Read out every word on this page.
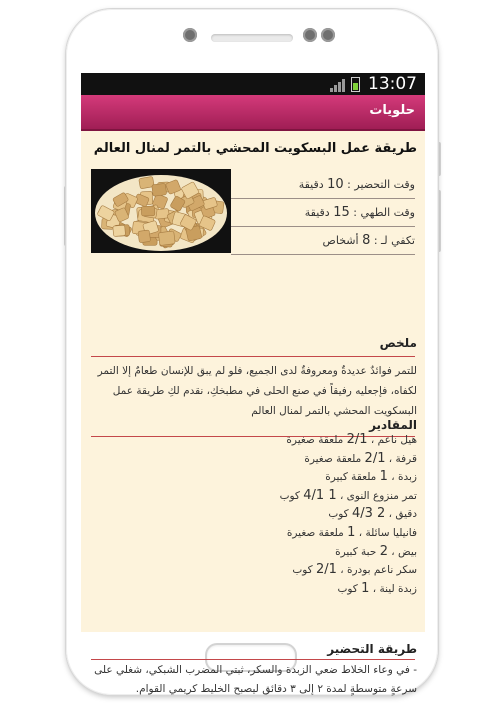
13:07
حلويات
طريقة عمل البسكويت المحشي بالتمر لمنال العالم
وقت التحضير : 10 دقيقة
وقت الطهي : 15 دقيقة
تكفي لـ : 8 أشخاص
ملخص
للتمر فوائدٌ عديدةٌ ومعروفةٌ لدى الجميع، فلو لم يبق للإنسان طعامٌ إلا التمر لكفاه، فإجعليه رفيقاً في صنع الحلى في مطبخكِ، نقدم لكِ طريقة عمل البسكويت المحشي بالتمر لمنال العالم
المقادير
هيل ناعم ، 2/1 ملعقة صغيرة
قرفة ، 2/1 ملعقة صغيرة
زبدة ، 1 ملعقة كبيرة
تمر منزوع النوى ، 1 4/1 كوب
دقيق ، 2 4/3 كوب
فانيليا سائلة ، 1 ملعقة صغيرة
بيض ، 2 حبة كبيرة
سكر ناعم بودرة ، 2/1 كوب
زبدة لينة ، 1 كوب
طريقة التحضير
- في وعاء الخلاط ضعي الزبدة والسكر، ثبتي المضرب الشبكي، شغلي على سرعةٍ متوسطةٍ لمدة ٢ إلى ٣ دقائق ليصبح الخليط كريمي القوام.
